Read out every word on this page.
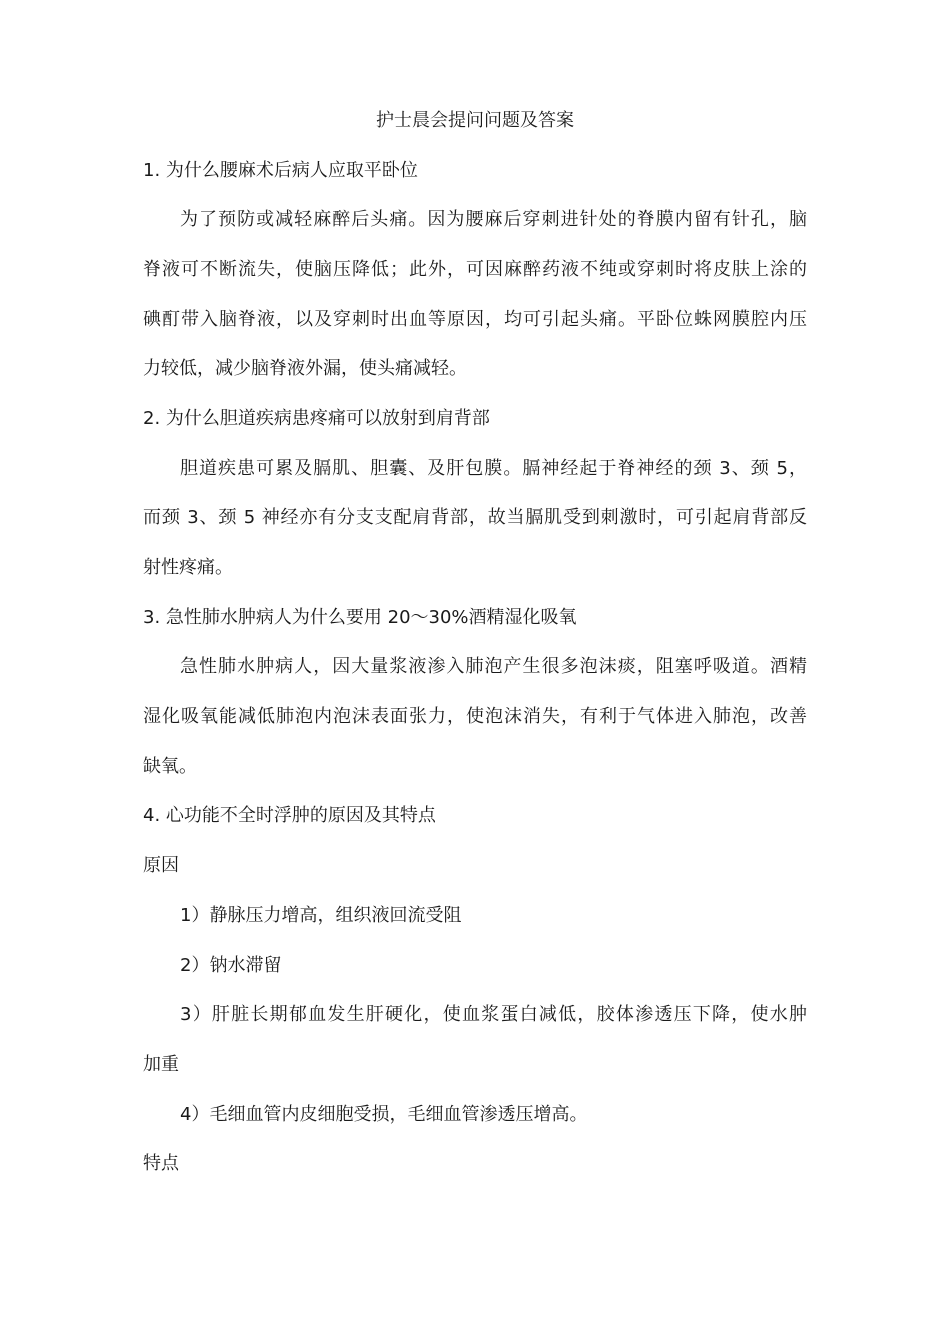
护士晨会提问问题及答案
1. 为什么腰麻术后病人应取平卧位
为了预防或减轻麻醉后头痛。因为腰麻后穿刺进针处的脊膜内留有针孔，脑
脊液可不断流失，使脑压降低；此外，可因麻醉药液不纯或穿刺时将皮肤上涂的
碘酊带入脑脊液，以及穿刺时出血等原因，均可引起头痛。平卧位蛛网膜腔内压
力较低，减少脑脊液外漏，使头痛减轻。
2. 为什么胆道疾病患疼痛可以放射到肩背部
胆道疾患可累及膈肌、胆囊、及肝包膜。膈神经起于脊神经的颈 3、颈 5，
而颈 3、颈 5 神经亦有分支支配肩背部，故当膈肌受到刺激时，可引起肩背部反
射性疼痛。
3. 急性肺水肿病人为什么要用 20～30%酒精湿化吸氧
急性肺水肿病人，因大量浆液渗入肺泡产生很多泡沫痰，阻塞呼吸道。酒精
湿化吸氧能减低肺泡内泡沫表面张力，使泡沫消失，有利于气体进入肺泡，改善
缺氧。
4. 心功能不全时浮肿的原因及其特点
原因
1）静脉压力增高，组织液回流受阻
2）钠水滞留
3）肝脏长期郁血发生肝硬化，使血浆蛋白减低，胶体渗透压下降，使水肿
加重
4）毛细血管内皮细胞受损，毛细血管渗透压增高。
特点
